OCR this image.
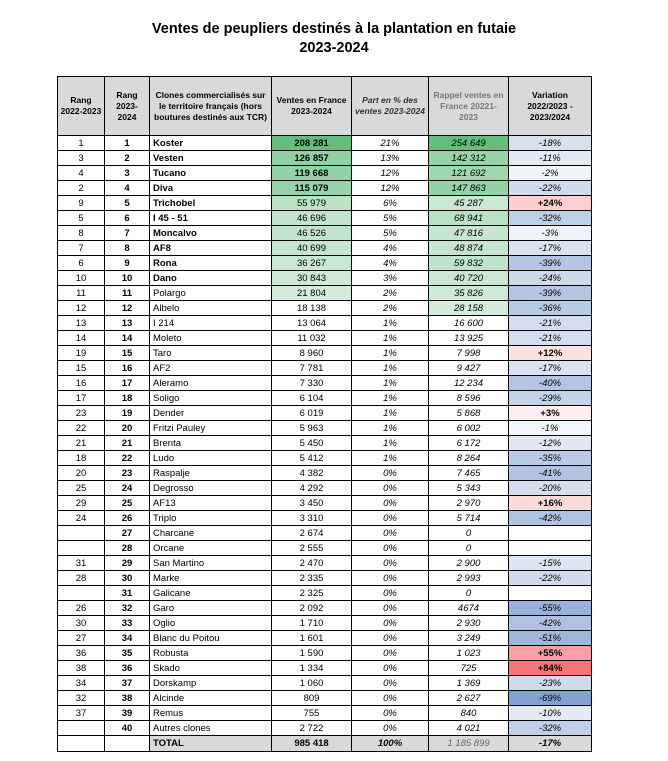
Ventes de peupliers destinés à la plantation en futaie
2023-2024
Rang 2022-2023	Rang 2023-2024	Clones commercialisés sur le territoire français (hors boutures destinés aux TCR)	Ventes en France 2023-2024	Part en % des ventes 2023-2024	Rappel ventes en France 20221-2023	Variation 2022/2023 - 2023/2024
1	1	Koster	208 281	21%	254 649	-18%
3	2	Vesten	126 857	13%	142 312	-11%
4	3	Tucano	119 668	12%	121 692	-2%
2	4	Diva	115 079	12%	147 863	-22%
9	5	Trichobel	55 979	6%	45 287	+24%
5	6	I 45 - 51	46 696	5%	68 941	-32%
8	7	Moncalvo	46 526	5%	47 816	-3%
7	8	AF8	40 699	4%	48 874	-17%
6	9	Rona	36 267	4%	59 832	-39%
10	10	Dano	30 843	3%	40 720	-24%
11	11	Polargo	21 804	2%	35 826	-39%
12	12	Albelo	18 138	2%	28 158	-36%
13	13	I 214	13 064	1%	16 600	-21%
14	14	Moleto	11 032	1%	13 925	-21%
19	15	Taro	8 960	1%	7 998	+12%
15	16	AF2	7 781	1%	9 427	-17%
16	17	Aleramo	7 330	1%	12 234	-40%
17	18	Soligo	6 104	1%	8 596	-29%
23	19	Dender	6 019	1%	5 868	+3%
22	20	Fritzi Pauley	5 963	1%	6 002	-1%
21	21	Brenta	5 450	1%	6 172	-12%
18	22	Ludo	5 412	1%	8 264	-35%
20	23	Raspalje	4 382	0%	7 465	-41%
25	24	Degrosso	4 292	0%	5 343	-20%
29	25	AF13	3 450	0%	2 970	+16%
24	26	Triplo	3 310	0%	5 714	-42%
	27	Charcane	2 674	0%	0	
	28	Orcane	2 555	0%	0	
31	29	San Martino	2 470	0%	2 900	-15%
28	30	Marke	2 335	0%	2 993	-22%
	31	Galicane	2 325	0%	0	
26	32	Garo	2 092	0%	4674	-55%
30	33	Oglio	1 710	0%	2 930	-42%
27	34	Blanc du Poitou	1 601	0%	3 249	-51%
36	35	Robusta	1 590	0%	1 023	+55%
38	36	Skado	1 334	0%	725	+84%
34	37	Dorskamp	1 060	0%	1 369	-23%
32	38	Alcinde	809	0%	2 627	-69%
37	39	Remus	755	0%	840	-10%
	40	Autres clones	2 722	0%	4 021	-32%
		TOTAL	985 418	100%	1 185 899	-17%
